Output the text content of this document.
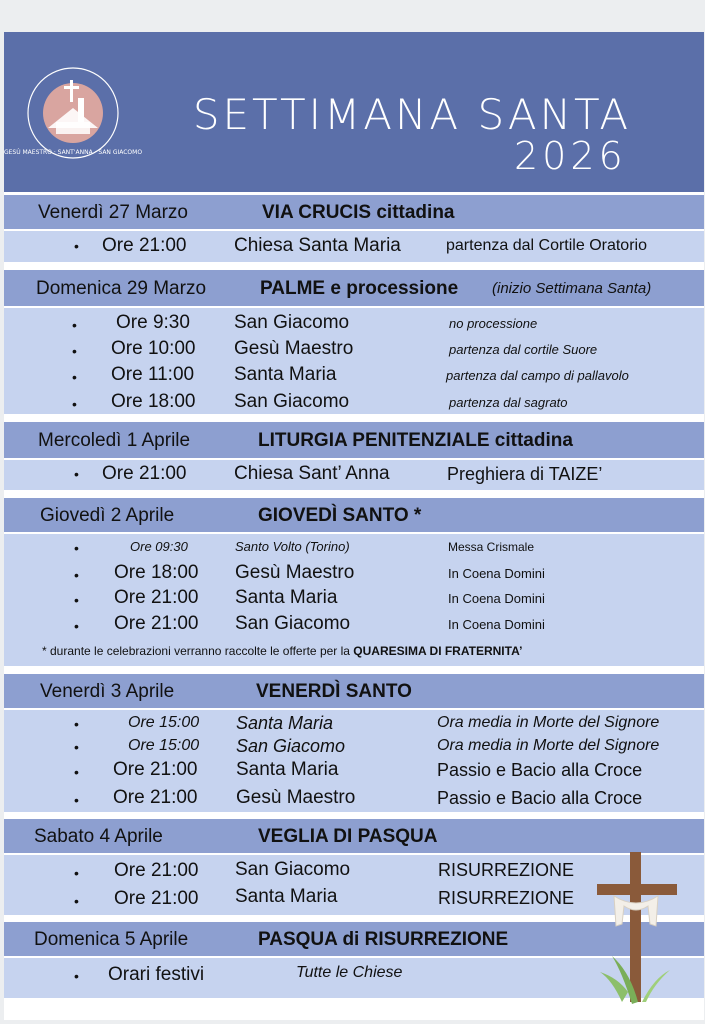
GESÙ MAESTRO · SANT'ANNA · SAN GIACOMO
SETTIMANA SANTA
2026
Venerdì 27 Marzo	VIA CRUCIS cittadina
• Ore 21:00	Chiesa Santa Maria	partenza dal Cortile Oratorio
Domenica 29 Marzo	PALME e processione (inizio Settimana Santa)
• Ore 9:30 San Giacomo	no processione
• Ore 10:00 Gesù Maestro	partenza dal cortile Suore
• Ore 11:00 Santa Maria	partenza dal campo di pallavolo
• Ore 18:00 San Giacomo	partenza dal sagrato
Mercoledì 1 Aprile	LITURGIA PENITENZIALE cittadina
• Ore 21:00	Chiesa Sant’ Anna	Preghiera di TAIZE’
Giovedì 2 Aprile	GIOVEDÌ SANTO *
•	Ore 09:30	Santo Volto (Torino)	Messa Crismale
• Ore 18:00 Gesù Maestro	In Coena Domini
• Ore 21:00 Santa Maria	In Coena Domini
• Ore 21:00 San Giacomo	In Coena Domini
* durante le celebrazioni verranno raccolte le offerte per la QUARESIMA DI FRATERNITA’
Venerdì 3 Aprile	VENERDÌ SANTO
•	Ore 15:00 Santa Maria	Ora media in Morte del Signore
•	Ore 15:00 San Giacomo	Ora media in Morte del Signore
• Ore 21:00 Santa Maria	Passio e Bacio alla Croce
• Ore 21:00 Gesù Maestro	Passio e Bacio alla Croce
Sabato 4 Aprile	VEGLIA DI PASQUA
• Ore 21:00 San Giacomo	RISURREZIONE
• Ore 21:00 Santa Maria	RISURREZIONE
Domenica 5 Aprile	PASQUA di RISURREZIONE
• Orari festivi	Tutte le Chiese
